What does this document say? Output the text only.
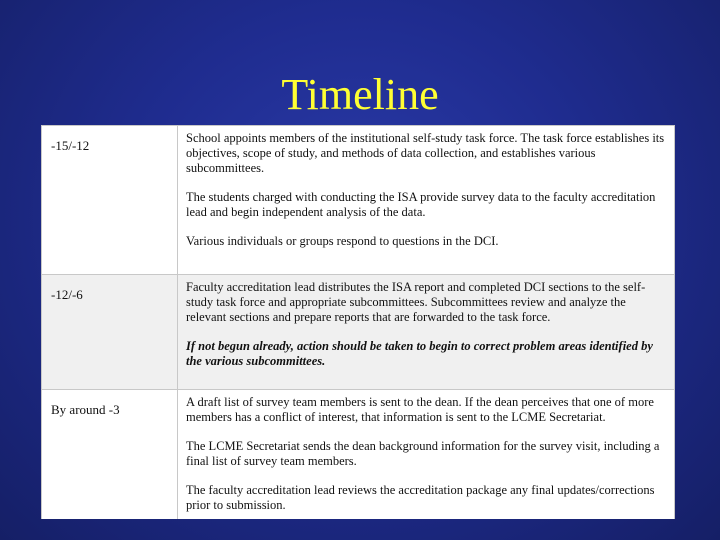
Timeline
-15/-12	School appoints members of the institutional self-study task force. The task force establishes its objectives, scope of study, and methods of data collection, and establishes various subcommittees.
The students charged with conducting the ISA provide survey data to the faculty accreditation lead and begin independent analysis of the data.
Various individuals or groups respond to questions in the DCI.

-12/-6	Faculty accreditation lead distributes the ISA report and completed DCI sections to the self-study task force and appropriate subcommittees. Subcommittees review and analyze the relevant sections and prepare reports that are forwarded to the task force.
If not begun already, action should be taken to begin to correct problem areas identified by the various subcommittees.

By around -3	A draft list of survey team members is sent to the dean. If the dean perceives that one of more members has a conflict of interest, that information is sent to the LCME Secretariat.
The LCME Secretariat sends the dean background information for the survey visit, including a final list of survey team members.
The faculty accreditation lead reviews the accreditation package any final updates/corrections prior to submission.
